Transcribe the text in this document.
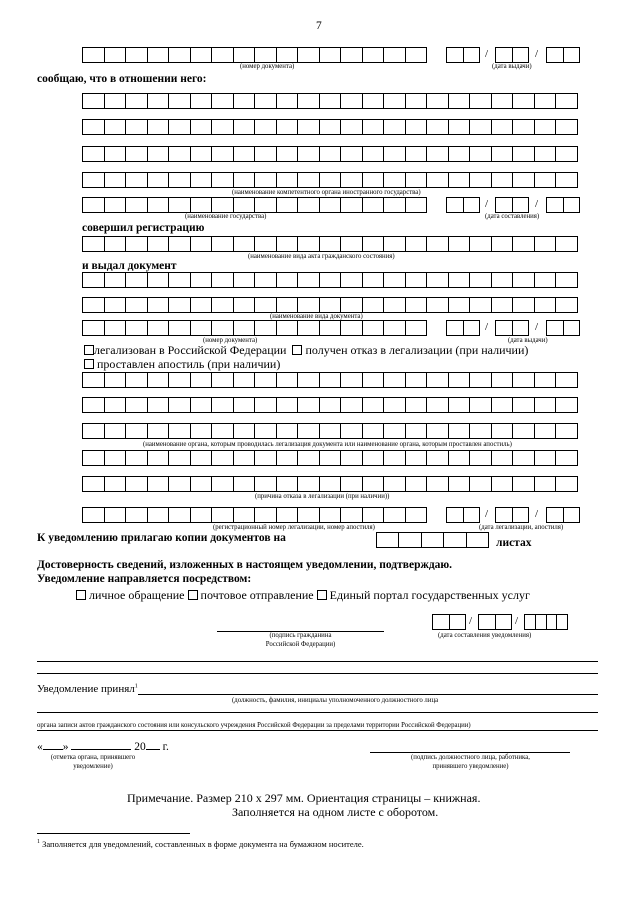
7
/	/
(номер документа)	(дата выдачи)
сообщаю, что в отношении него:
(наименование компетентного органа иностранного государства)
/	/
(наименование государства)	(дата составления)
совершил регистрацию
(наименование вида акта гражданского состояния)
и выдал документ
(наименование вида документа)
/	/
(номер документа)	(дата выдачи)
легализован в Российской Федерации получен отказ в легализации (при наличии)
проставлен апостиль (при наличии)
(наименование органа, которым проводилась легализация документа или наименование органа, которым проставлен апостиль)
(причина отказа в легализации (при наличии))
/	/
(регистрационный номер легализации, номер апостиля)	(дата легализации, апостиля)
К уведомлению прилагаю копии документов на	листах
Достоверность сведений, изложенных в настоящем уведомлении, подтверждаю.
Уведомление направляется посредством:
личное обращение почтовое отправление Единый портал государственных услуг
(подпись гражданина
Российской Федерации)
/	/
(дата составления уведомления)
Уведомление принял$^1$
(должность, фамилия, инициалы уполномоченного должностного лица
органа записи актов гражданского состояния или консульского учреждения Российской Федерации за пределами территории Российской Федерации)
« »	20 г.
(отметка органа, принявшего
уведомление)
(подпись должностного лица, работника,
принявшего уведомление)
Примечание. Размер 210 х 297 мм. Ориентация страницы – книжная.
Заполняется на одном листе с оборотом.
$^1$ Заполняется для уведомлений, составленных в форме документа на бумажном носителе.
